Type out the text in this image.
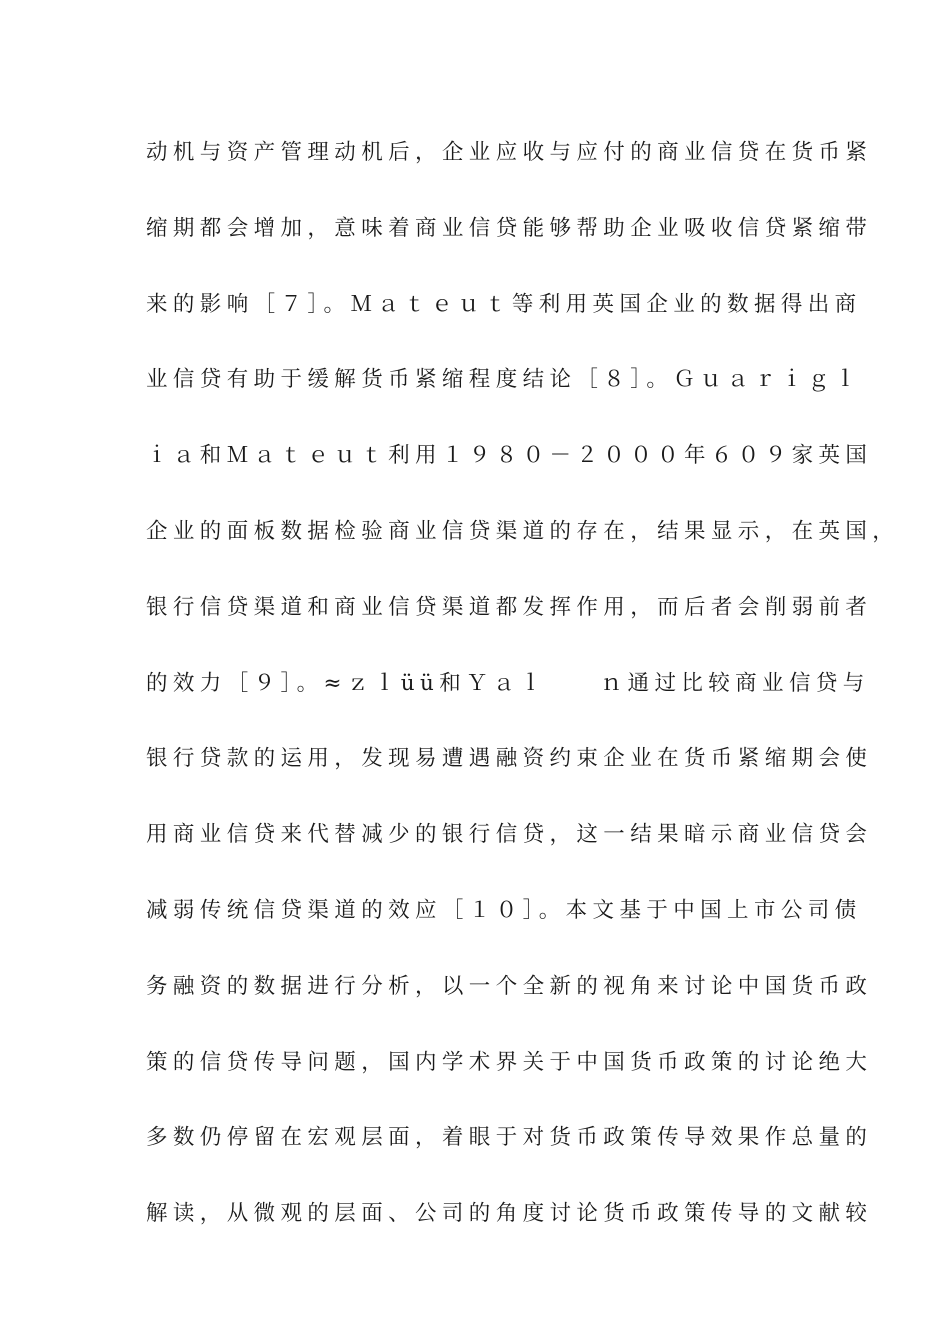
动机与资产管理动机后，企业应收与应付的商业信贷在货币紧
缩期都会增加，意味着商业信贷能够帮助企业吸收信贷紧缩带
来的影响［７］。Ｍａｔｅｕｔ等利用英国企业的数据得出商
业信贷有助于缓解货币紧缩程度结论［８］。Ｇｕａｒｉｇｌ
ｉａ和Ｍａｔｅｕｔ利用１９８０－２０００年６０９家英国
企业的面板数据检验商业信贷渠道的存在，结果显示，在英国，
银行信贷渠道和商业信贷渠道都发挥作用，而后者会削弱前者
的效力［９］。≈ｚｌüü和Ｙａｌ　　ｎ通过比较商业信贷与
银行贷款的运用，发现易遭遇融资约束企业在货币紧缩期会使
用商业信贷来代替减少的银行信贷，这一结果暗示商业信贷会
减弱传统信贷渠道的效应［１０］。本文基于中国上市公司债
务融资的数据进行分析，以一个全新的视角来讨论中国货币政
策的信贷传导问题，国内学术界关于中国货币政策的讨论绝大
多数仍停留在宏观层面，着眼于对货币政策传导效果作总量的
解读，从微观的层面、公司的角度讨论货币政策传导的文献较
